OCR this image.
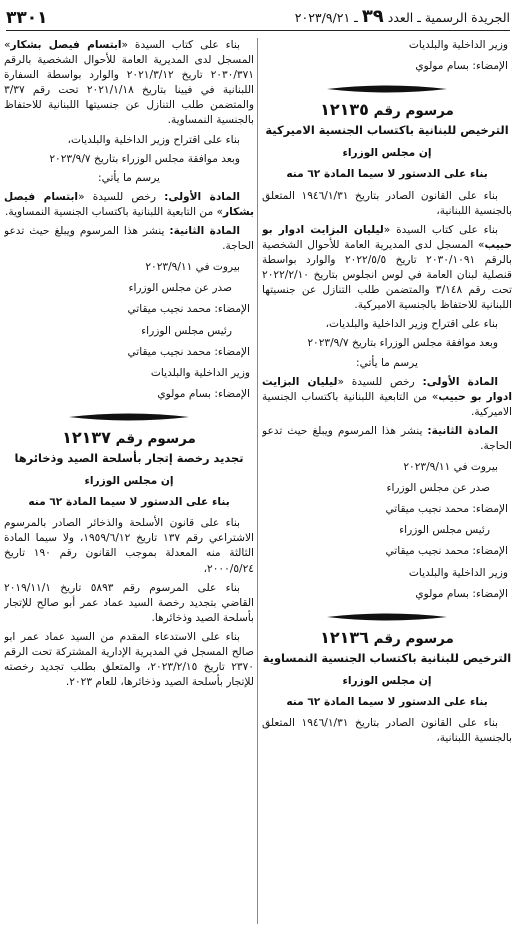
٣٣٠١	الجريدة الرسمية ـ العدد ٣٩ ـ ٢٠٢٣/٩/٢١
وزير الداخلية والبلديات
الإمضاء: بسام مولوي
مرسوم رقم ١٢١٣٥
الترخيص للبنانية باكتساب الجنسية الاميركية
إن مجلس الوزراء
بناء على الدستور لا سيما المادة ٦٢ منه

بناء على القانون الصادر بتاريخ ١٩٤٦/١/٣١ المتعلق بالجنسية اللبنانية،

بناء على كتاب السيدة «ليليان البزايت ادوار بو حبيب» المسجل لدى المديرية العامة للأحوال الشخصية بالرقم ٢٠٣٠/١٠٩١ تاريخ ٢٠٢٢/٥/٥ والوارد بواسطة قنصلية لبنان العامة في لوس انجلوس بتاريخ ٢٠٢٢/٢/١٠ تحت رقم ٣/١٤٨ والمتضمن طلب التنازل عن جنسيتها اللبنانية للاحتفاظ بالجنسية الاميركية.

بناء على اقتراح وزير الداخلية والبلديات،

وبعد موافقة مجلس الوزراء بتاريخ ٢٠٢٣/٩/٧

يرسم ما يأتي:

المادة الأولى: رخص للسيدة «ليليان البزايت ادوار بو حبيب» من التابعية اللبنانية باكتساب الجنسية الاميركية.

المادة الثانية: ينشر هذا المرسوم ويبلغ حيث تدعو الحاجة.

بيروت في ٢٠٢٣/٩/١١
صدر عن مجلس الوزراء
الإمضاء: محمد نجيب ميقاتي
رئيس مجلس الوزراء
الإمضاء: محمد نجيب ميقاتي
وزير الداخلية والبلديات
الإمضاء: بسام مولوي
مرسوم رقم ١٢١٣٦
الترخيص للبنانية باكتساب الجنسية النمساوية
إن مجلس الوزراء
بناء على الدستور لا سيما المادة ٦٢ منه

بناء على القانون الصادر بتاريخ ١٩٤٦/١/٣١ المتعلق بالجنسية اللبنانية،

بناء على كتاب السيدة «ابتسام فيصل بشكار» المسجل لدى المديرية العامة للأحوال الشخصية بالرقم ٢٠٣٠/٣٧١ تاريخ ٢٠٢١/٣/١٢ والوارد بواسطة السفارة اللبنانية في فيينا بتاريخ ٢٠٢١/١/١٨ تحت رقم ٣/٣٧ والمتضمن طلب التنازل عن جنسيتها اللبنانية للاحتفاظ بالجنسية النمساوية.

بناء على اقتراح وزير الداخلية والبلديات،

وبعد موافقة مجلس الوزراء بتاريخ ٢٠٢٣/٩/٧

يرسم ما يأتي:

المادة الأولى: رخص للسيدة «ابتسام فيصل بشكار» من التابعية اللبنانية باكتساب الجنسية النمساوية.

المادة الثانية: ينشر هذا المرسوم ويبلغ حيث تدعو الحاجة.

بيروت في ٢٠٢٣/٩/١١
صدر عن مجلس الوزراء
الإمضاء: محمد نجيب ميقاتي
رئيس مجلس الوزراء
الإمضاء: محمد نجيب ميقاتي
وزير الداخلية والبلديات
الإمضاء: بسام مولوي
مرسوم رقم ١٢١٣٧
تجديد رخصة إتجار بأسلحة الصيد وذخائرها
إن مجلس الوزراء
بناء على الدستور لا سيما المادة ٦٢ منه

بناء على قانون الأسلحة والذخائر الصادر بالمرسوم الاشتراعي رقم ١٣٧ تاريخ ١٩٥٩/٦/١٢، ولا سيما المادة الثالثة منه المعدلة بموجب القانون رقم ١٩٠ تاريخ ٢٠٠٠/٥/٢٤،

بناء على المرسوم رقم ٥٨٩٣ تاريخ ٢٠١٩/١١/١ القاضي بتجديد رخصة السيد عماد عمر أبو صالح للإتجار بأسلحة الصيد وذخائرها.

بناء على الاستدعاء المقدم من السيد عماد عمر ابو صالح المسجل في المديرية الإدارية المشتركة تحت الرقم ٢٣٧٠ تاريخ ٢٠٢٣/٢/١٥، والمتعلق بطلب تجديد رخصته للإتجار بأسلحة الصيد وذخائرها، للعام ٢٠٢٣.
